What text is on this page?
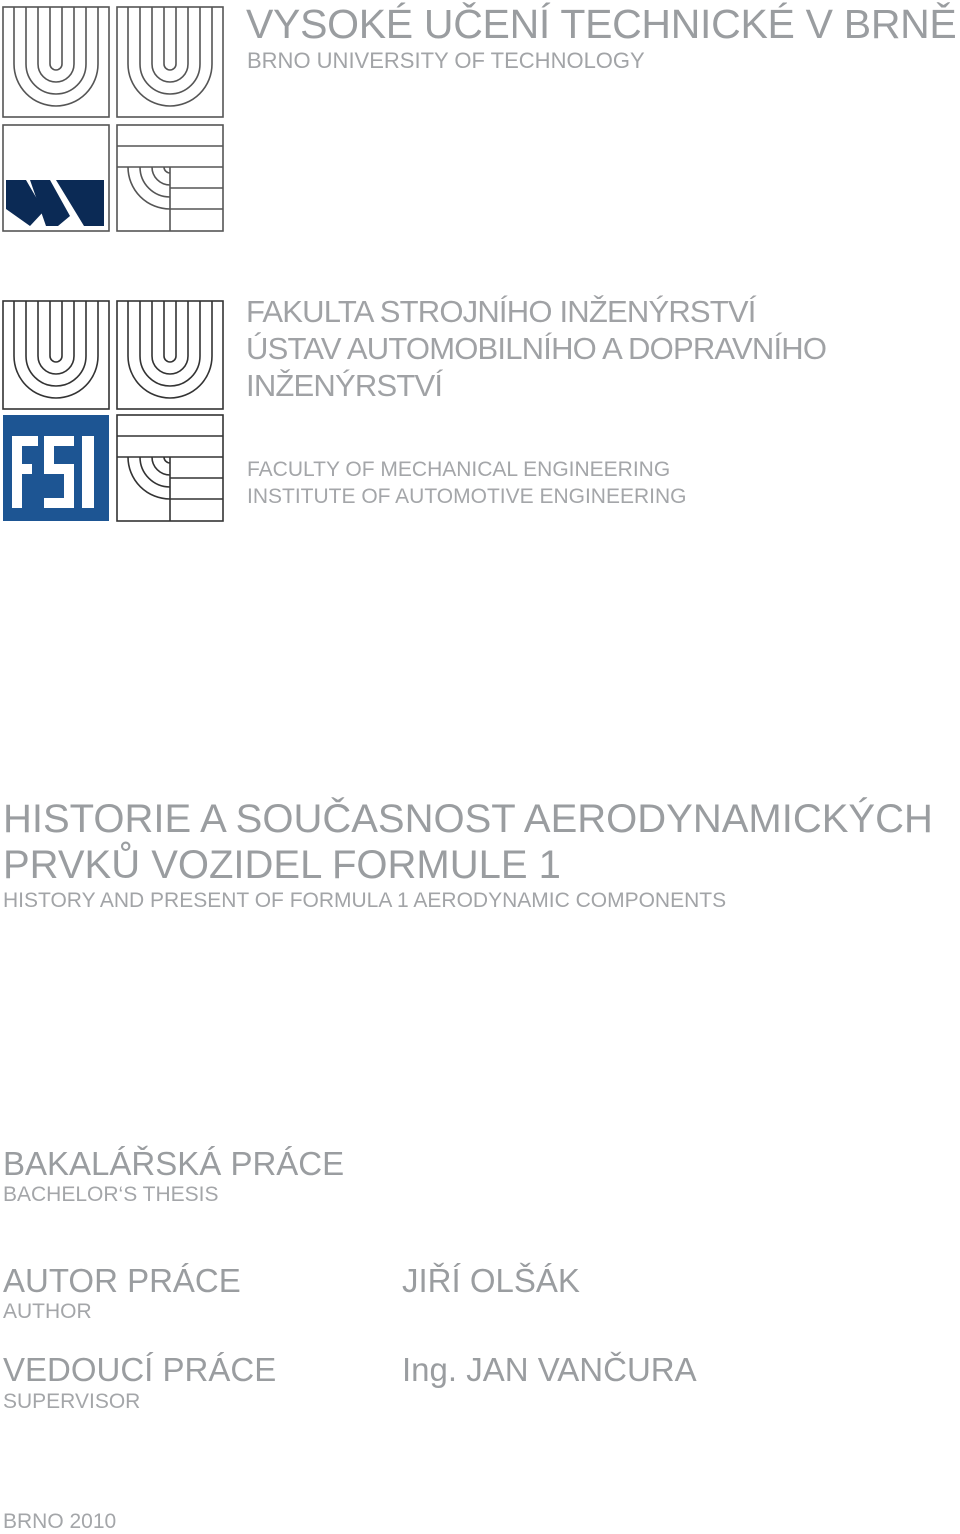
VYSOKÉ UČENÍ TECHNICKÉ V BRNĚ
BRNO UNIVERSITY OF TECHNOLOGY
FAKULTA STROJNÍHO INŽENÝRSTVÍ
ÚSTAV AUTOMOBILNÍHO A DOPRAVNÍHO
INŽENÝRSTVÍ
FACULTY OF MECHANICAL ENGINEERING
INSTITUTE OF AUTOMOTIVE ENGINEERING
HISTORIE A SOUČASNOST AERODYNAMICKÝCH
PRVKŮ VOZIDEL FORMULE 1
HISTORY AND PRESENT OF FORMULA 1 AERODYNAMIC COMPONENTS
BAKALÁŘSKÁ PRÁCE
BACHELOR‘S THESIS
AUTOR PRÁCE
AUTHOR
JIŘÍ OLŠÁK
VEDOUCÍ PRÁCE
SUPERVISOR
Ing. JAN VANČURA
BRNO 2010
